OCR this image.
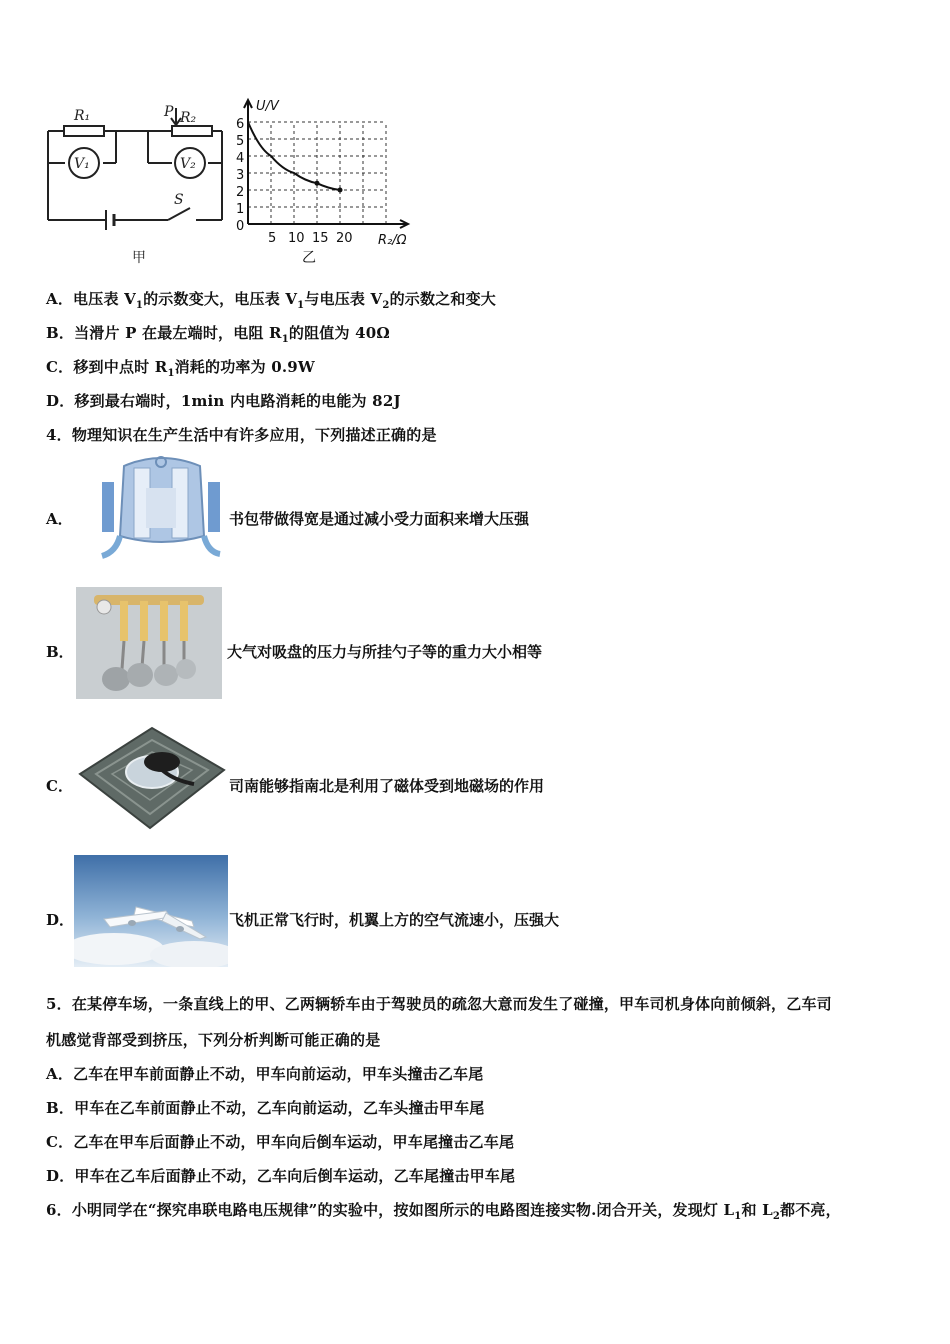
R₁	P R₂
V₁	V₂
S
甲
U/V
R₂/Ω
6
5
4
3
2
1
0
5 10 15 20
乙
A．电压表 $V_1$的示数变大，电压表 $V_1$与电压表 $V_2$的示数之和变大
B．当滑片 P 在最左端时，电阻 $R_1$的阻值为 40Ω
C．移到中点时 $R_1$消耗的功率为 0.9W
D．移到最右端时，1min 内电路消耗的电能为 82J
4．物理知识在生产生活中有许多应用，下列描述正确的是
A．	书包带做得宽是通过减小受力面积来增大压强
B．	大气对吸盘的压力与所挂勺子等的重力大小相等
C．	司南能够指南北是利用了磁体受到地磁场的作用
D．	飞机正常飞行时，机翼上方的空气流速小，压强大
5．在某停车场，一条直线上的甲、乙两辆轿车由于驾驶员的疏忽大意而发生了碰撞，甲车司机身体向前倾斜，乙车司
机感觉背部受到挤压，下列分析判断可能正确的是
A．乙车在甲车前面静止不动，甲车向前运动，甲车头撞击乙车尾
B．甲车在乙车前面静止不动，乙车向前运动，乙车头撞击甲车尾
C．乙车在甲车后面静止不动，甲车向后倒车运动，甲车尾撞击乙车尾
D．甲车在乙车后面静止不动，乙车向后倒车运动，乙车尾撞击甲车尾
6．小明同学在“探究串联电路电压规律”的实验中，按如图所示的电路图连接实物.闭合开关，发现灯 $L_1$和 $L_2$都不亮，
